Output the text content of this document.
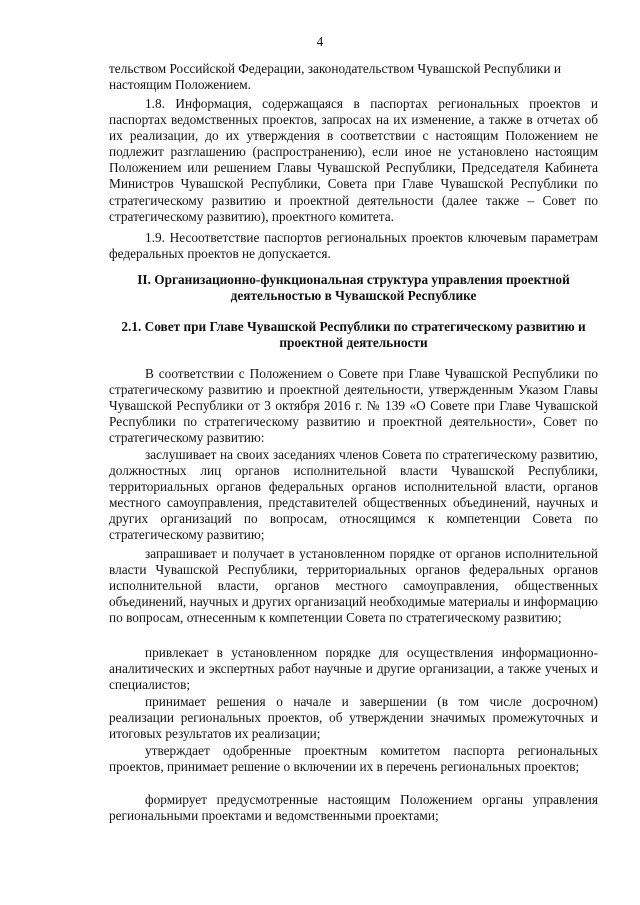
4

тельством Российской Федерации, законодательством Чувашской Республики и настоящим Положением.

1.8. Информация, содержащаяся в паспортах региональных проектов и паспортах ведомственных проектов, запросах на их изменение, а также в отчетах об их реализации, до их утверждения в соответствии с настоящим Положением не подлежит разглашению (распространению), если иное не установлено настоящим Положением или решением Главы Чувашской Республики, Председателя Кабинета Министров Чувашской Республики, Совета при Главе Чувашской Республики по стратегическому развитию и проектной деятельности (далее также – Совет по стратегическому развитию), проектного комитета.

1.9. Несоответствие паспортов региональных проектов ключевым параметрам федеральных проектов не допускается.

II. Организационно-функциональная структура управления проектной деятельностью в Чувашской Республике

2.1. Совет при Главе Чувашской Республики по стратегическому развитию и проектной деятельности

В соответствии с Положением о Совете при Главе Чувашской Республики по стратегическому развитию и проектной деятельности, утвержденным Указом Главы Чувашской Республики от 3 октября 2016 г. № 139 «О Совете при Главе Чувашской Республики по стратегическому развитию и проектной деятельности», Совет по стратегическому развитию:

заслушивает на своих заседаниях членов Совета по стратегическому развитию, должностных лиц органов исполнительной власти Чувашской Республики, территориальных органов федеральных органов исполнительной власти, органов местного самоуправления, представителей общественных объединений, научных и других организаций по вопросам, относящимся к компетенции Совета по стратегическому развитию;

запрашивает и получает в установленном порядке от органов исполнительной власти Чувашской Республики, территориальных органов федеральных органов исполнительной власти, органов местного самоуправления, общественных объединений, научных и других организаций необходимые материалы и информацию по вопросам, отнесенным к компетенции Совета по стратегическому развитию;

привлекает в установленном порядке для осуществления информационно-аналитических и экспертных работ научные и другие организации, а также ученых и специалистов;

принимает решения о начале и завершении (в том числе досрочном) реализации региональных проектов, об утверждении значимых промежуточных и итоговых результатов их реализации;

утверждает одобренные проектным комитетом паспорта региональных проектов, принимает решение о включении их в перечень региональных проектов;

формирует предусмотренные настоящим Положением органы управления региональными проектами и ведомственными проектами;
